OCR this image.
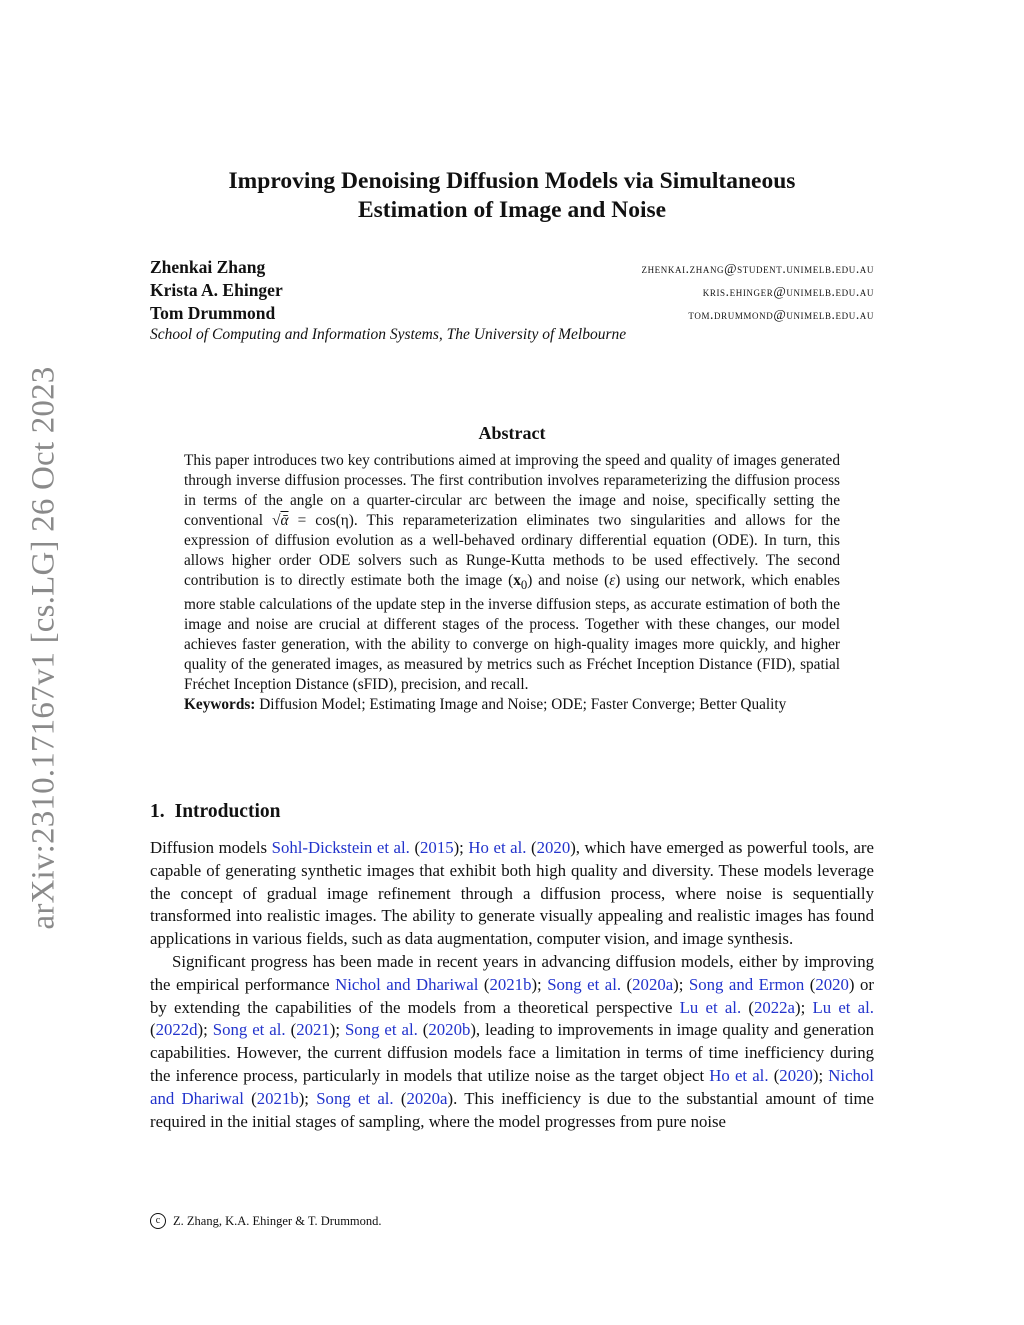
arXiv:2310.17167v1 [cs.LG] 26 Oct 2023
Improving Denoising Diffusion Models via Simultaneous
Estimation of Image and Noise
Zhenkai Zhang	zhenkai.zhang@student.unimelb.edu.au
Krista A. Ehinger	kris.ehinger@unimelb.edu.au
Tom Drummond	tom.drummond@unimelb.edu.au
School of Computing and Information Systems, The University of Melbourne
Abstract

This paper introduces two key contributions aimed at improving the speed and quality of images generated through inverse diffusion processes. The first contribution involves reparameterizing the diffusion process in terms of the angle on a quarter-circular arc between the image and noise, specifically setting the conventional √ᾱ = cos(η). This reparameterization eliminates two singularities and allows for the expression of diffusion evolution as a well-behaved ordinary differential equation (ODE). In turn, this allows higher order ODE solvers such as Runge-Kutta methods to be used effectively. The second contribution is to directly estimate both the image $(x_0)$ and noise (ε) using our network, which enables more stable calculations of the update step in the inverse diffusion steps, as accurate estimation of both the image and noise are crucial at different stages of the process. Together with these changes, our model achieves faster generation, with the ability to converge on high-quality images more quickly, and higher quality of the generated images, as measured by metrics such as Fréchet Inception Distance (FID), spatial Fréchet Inception Distance (sFID), precision, and recall.

Keywords: Diffusion Model; Estimating Image and Noise; ODE; Faster Converge; Better Quality

1. Introduction

Diffusion models Sohl-Dickstein et al. (2015); Ho et al. (2020), which have emerged as powerful tools, are capable of generating synthetic images that exhibit both high quality and diversity. These models leverage the concept of gradual image refinement through a diffusion process, where noise is sequentially transformed into realistic images. The ability to generate visually appealing and realistic images has found applications in various fields, such as data augmentation, computer vision, and image synthesis.

Significant progress has been made in recent years in advancing diffusion models, either by improving the empirical performance Nichol and Dhariwal (2021b); Song et al. (2020a); Song and Ermon (2020) or by extending the capabilities of the models from a theoretical perspective Lu et al. (2022a); Lu et al. (2022d); Song et al. (2021); Song et al. (2020b), leading to improvements in image quality and generation capabilities. However, the current diffusion models face a limitation in terms of time inefficiency during the inference process, particularly in models that utilize noise as the target object Ho et al. (2020); Nichol and Dhariwal (2021b); Song et al. (2020a). This inefficiency is due to the substantial amount of time required in the initial stages of sampling, where the model progresses from pure noise

c	Z. Zhang, K.A. Ehinger & T. Drummond.
